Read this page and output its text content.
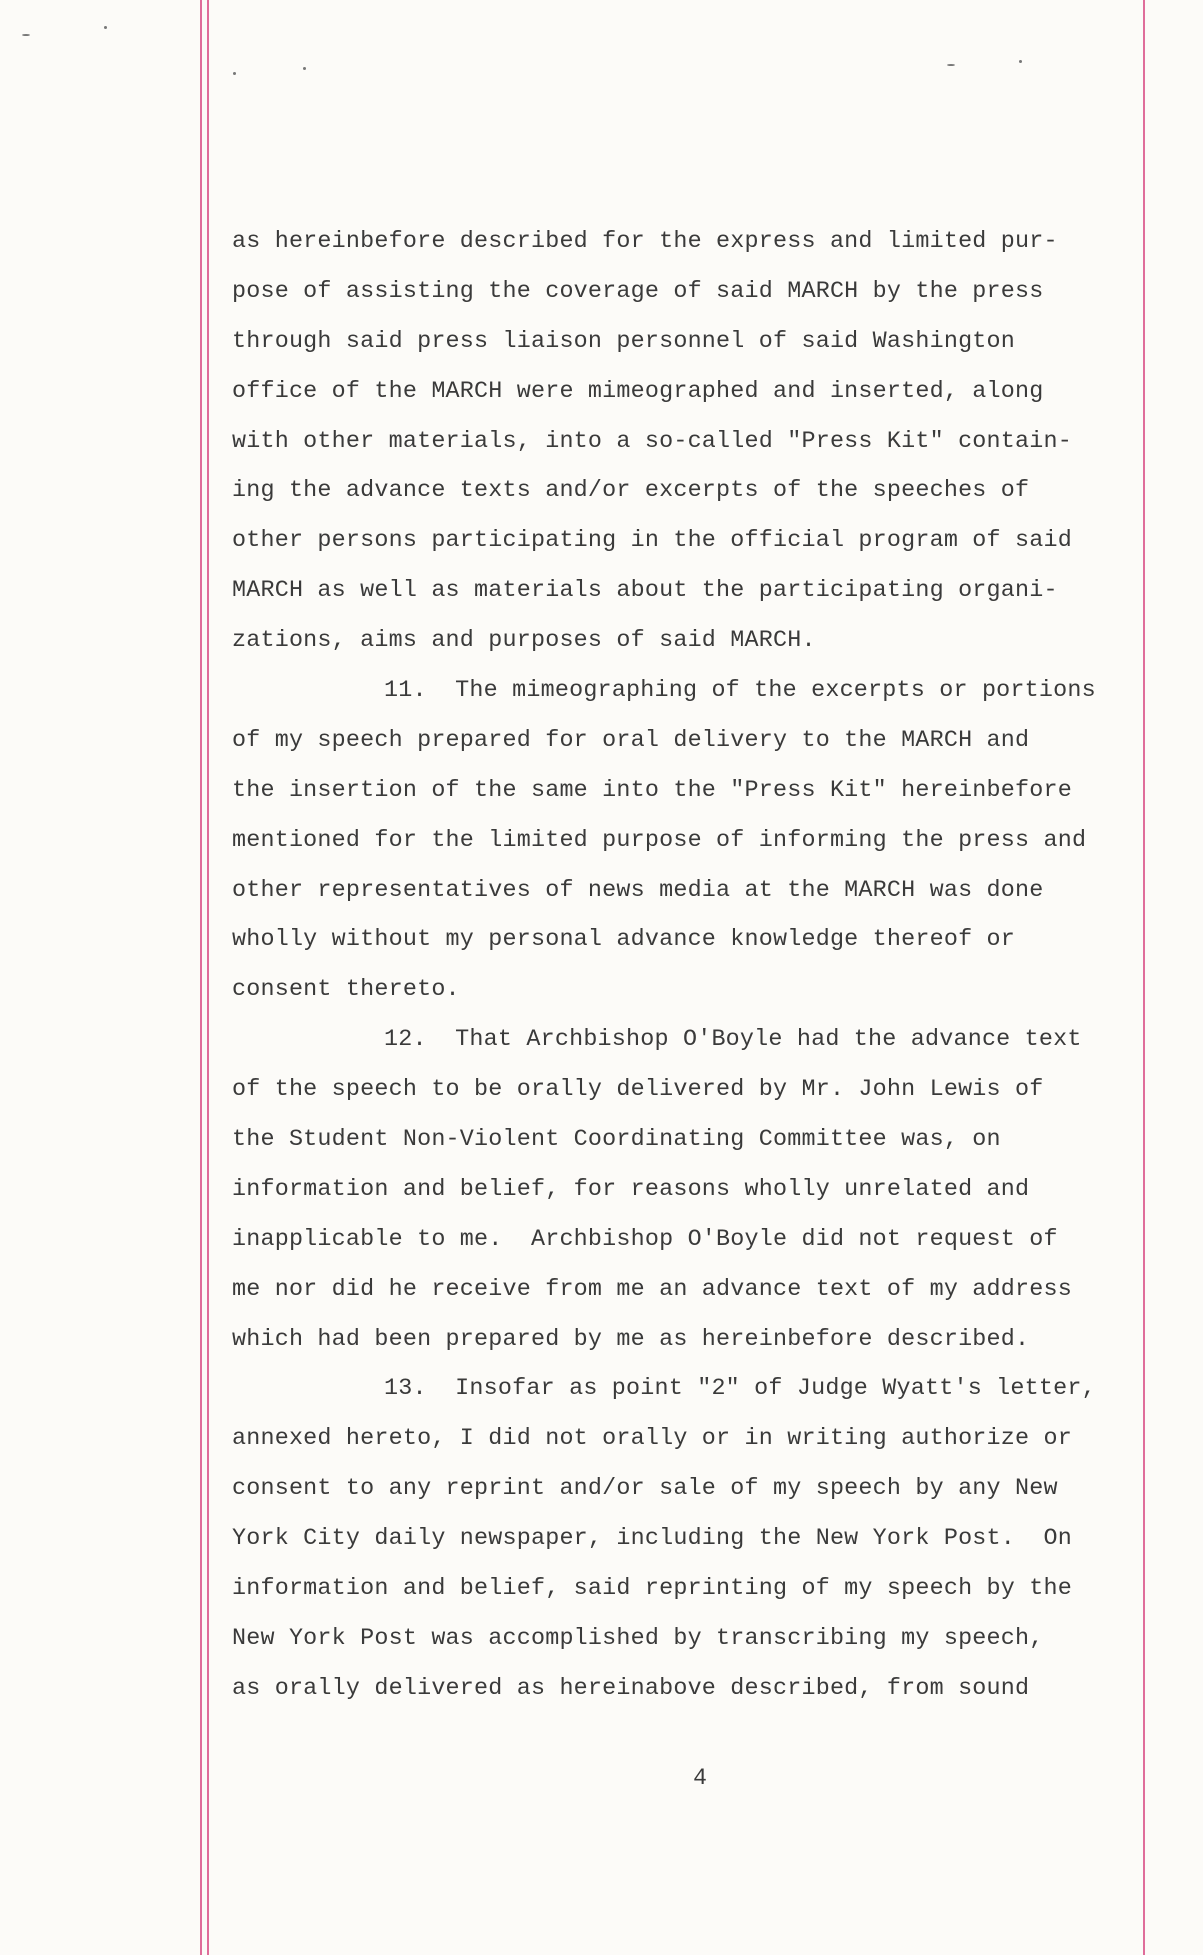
as hereinbefore described for the express and limited pur-
pose of assisting the coverage of said MARCH by the press
through said press liaison personnel of said Washington
office of the MARCH were mimeographed and inserted, along
with other materials, into a so-called "Press Kit" contain-
ing the advance texts and/or excerpts of the speeches of
other persons participating in the official program of said
MARCH as well as materials about the participating organi-
zations, aims and purposes of said MARCH.
11.  The mimeographing of the excerpts or portions
of my speech prepared for oral delivery to the MARCH and
the insertion of the same into the "Press Kit" hereinbefore
mentioned for the limited purpose of informing the press and
other representatives of news media at the MARCH was done
wholly without my personal advance knowledge thereof or
consent thereto.
12.  That Archbishop O'Boyle had the advance text
of the speech to be orally delivered by Mr. John Lewis of
the Student Non-Violent Coordinating Committee was, on
information and belief, for reasons wholly unrelated and
inapplicable to me.  Archbishop O'Boyle did not request of
me nor did he receive from me an advance text of my address
which had been prepared by me as hereinbefore described.
13.  Insofar as point "2" of Judge Wyatt's letter,
annexed hereto, I did not orally or in writing authorize or
consent to any reprint and/or sale of my speech by any New
York City daily newspaper, including the New York Post.  On
information and belief, said reprinting of my speech by the
New York Post was accomplished by transcribing my speech,
as orally delivered as hereinabove described, from sound
4
